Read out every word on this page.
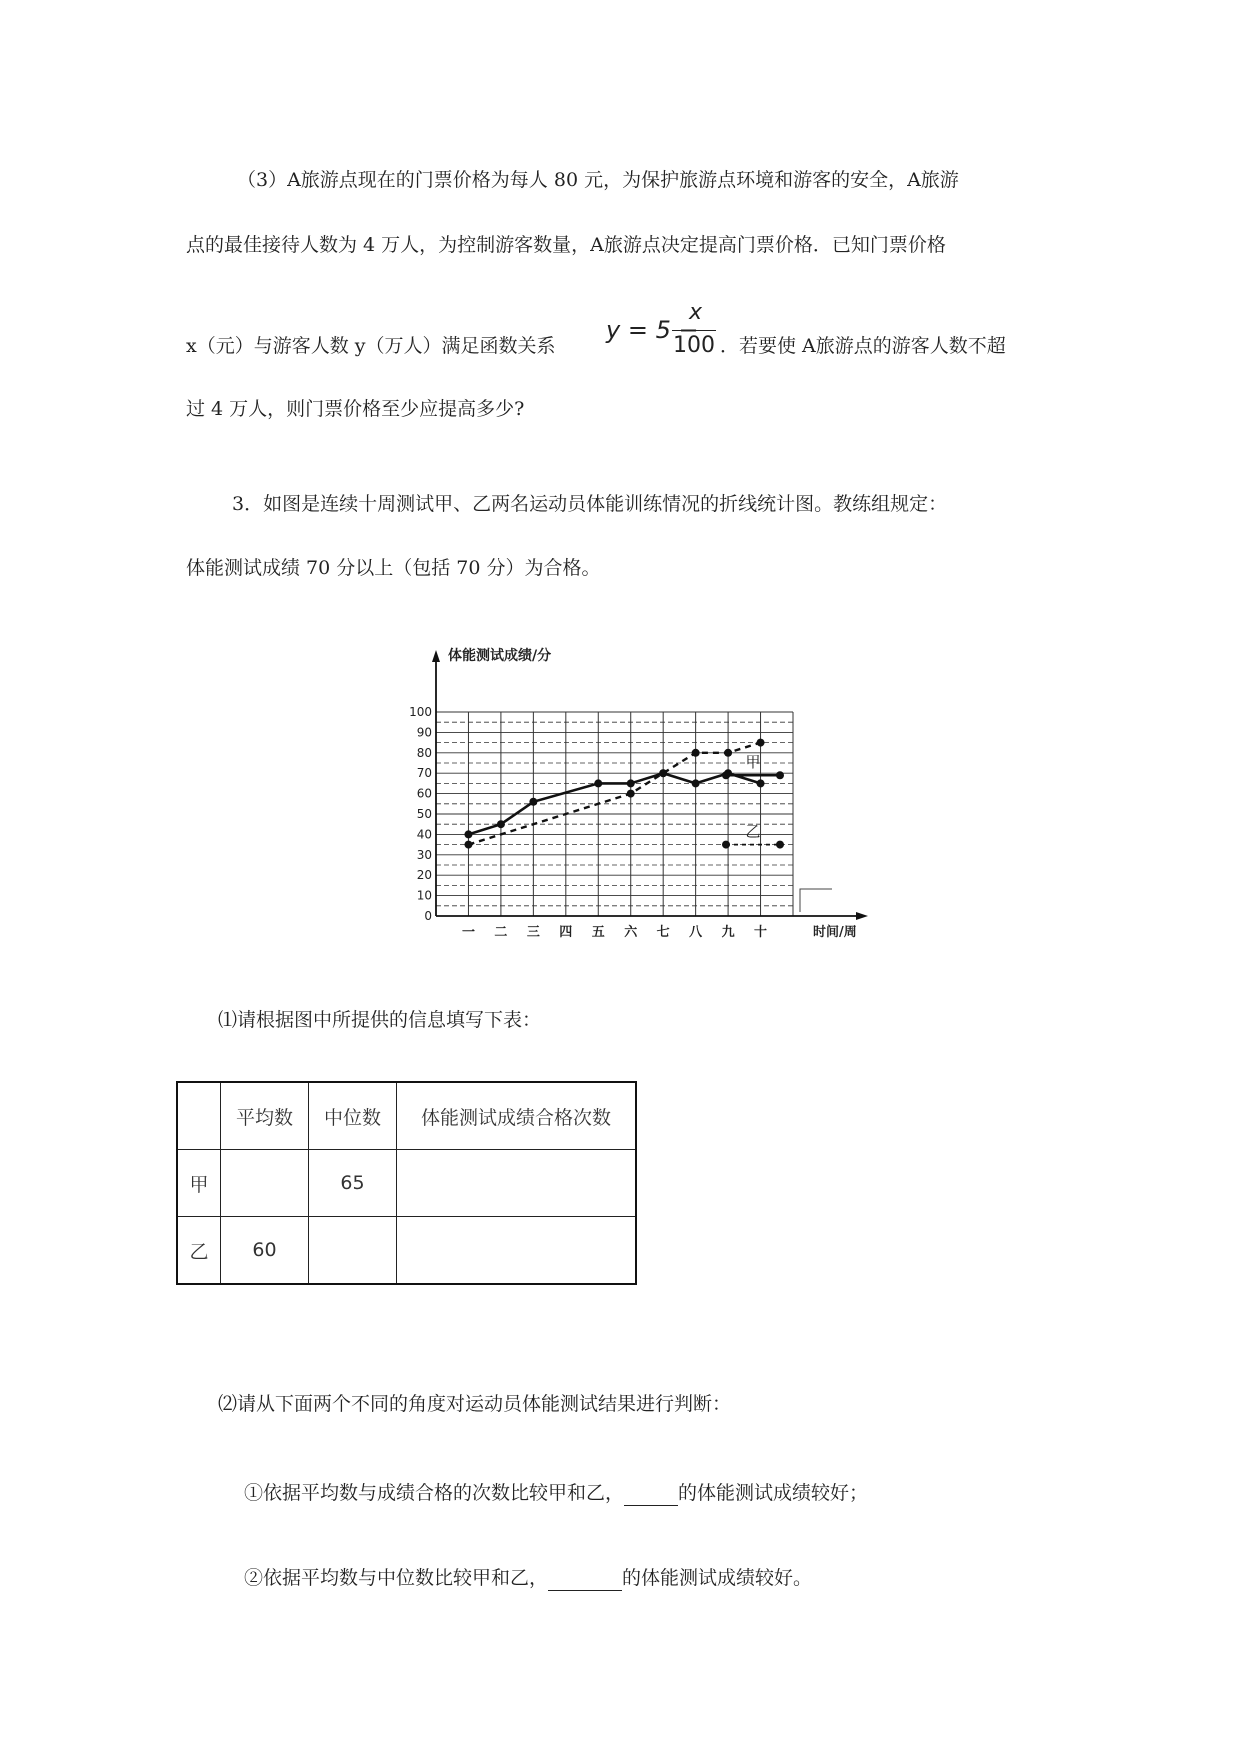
（3）A旅游点现在的门票价格为每人 80 元，为保护旅游点环境和游客的安全，A旅游
点的最佳接待人数为 4 万人，为控制游客数量，A旅游点决定提高门票价格．已知门票价格
x（元）与游客人数 y（万人）满足函数关系
y = 5 −
x
100 ．若要使 A旅游点的游客人数不超
过 4 万人，则门票价格至少应提高多少?
3．如图是连续十周测试甲、乙两名运动员体能训练情况的折线统计图。教练组规定：
体能测试成绩 70 分以上（包括 70 分）为合格。
体能测试成绩/分
0
10
20
30
40
50
60
70
80
90
100
一 二 三 四 五 六 七 八 九 十	时间/周
甲
乙
⑴请根据图中所提供的信息填写下表：
	平均数	中位数	体能测试成绩合格次数
甲		65	
乙	60		
⑵请从下面两个不同的角度对运动员体能测试结果进行判断：
①依据平均数与成绩合格的次数比较甲和乙，	的体能测试成绩较好；
②依据平均数与中位数比较甲和乙，	的体能测试成绩较好。
